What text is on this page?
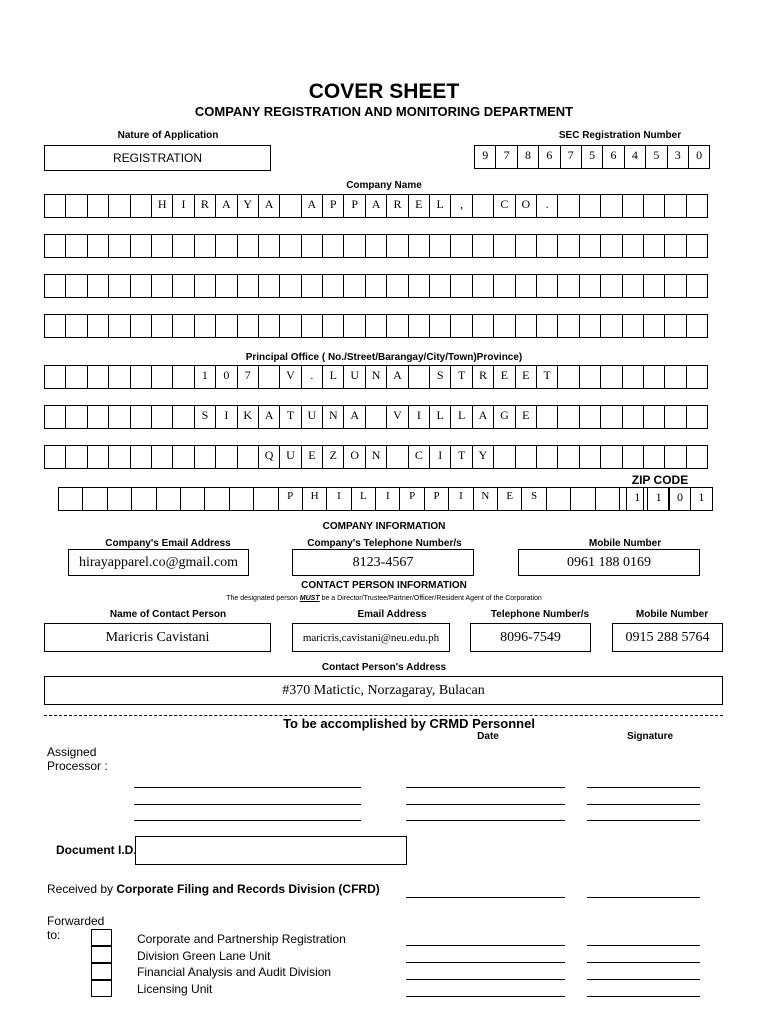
COVER SHEET
COMPANY REGISTRATION AND MONITORING DEPARTMENT
Nature of Application
REGISTRATION
SEC Registration Number
9	7	8	6	7	5	6	4	5	3	0
Company Name
H	I	R	A	Y	A	A	P	P	A	R	E	L	,	C	O	.
Principal Office ( No./Street/Barangay/City/Town)Province)
1	0	7	V	.	L	U	N	A	S	T	R	E	E	T
S	I	K	A	T	U	N	A	V	I	L	L	A	G	E
Q	U	E	Z	O	N	C	I	T	Y
ZIP CODE
P	H	I	L	I	P	P	I	N	E	S	1	1	0	1
COMPANY INFORMATION
Company's Email Address
hirayapparel.co@gmail.com
Company's Telephone Number/s
8123-4567
Mobile Number
0961 188 0169
CONTACT PERSON INFORMATION
The designated person MUST be a Director/Trustee/Partner/Officer/Resident Agent of the Corporation
Name of Contact Person
Maricris Cavistani
Email Address
maricris,cavistani@neu.edu.ph
Telephone Number/s
8096-7549
Mobile Number
0915 288 5764
Contact Person's Address
#370 Matictic, Norzagaray, Bulacan
To be accomplished by CRMD Personnel
Date	Signature
Assigned
Processor :
Document I.D.
Received by Corporate Filing and Records Division (CFRD)
Forwarded
to:	Corporate and Partnership Registration
Division Green Lane Unit
Financial Analysis and Audit Division
Licensing Unit
